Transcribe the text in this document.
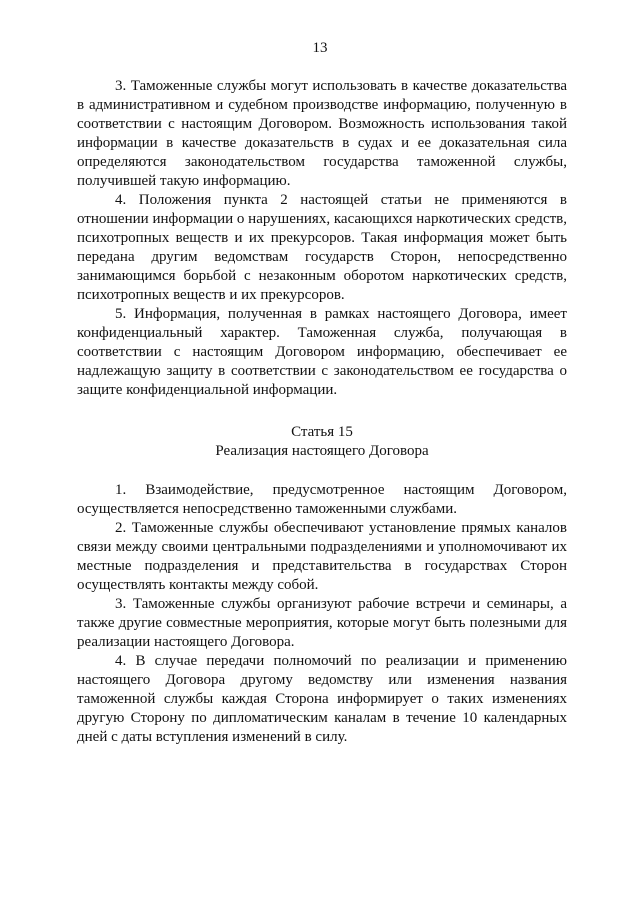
13

3. Таможенные службы могут использовать в качестве доказательства в административном и судебном производстве информацию, полученную в соответствии с настоящим Договором. Возможность использования такой информации в качестве доказательств в судах и ее доказательная сила определяются законодательством государства таможенной службы, получившей такую информацию.

4. Положения пункта 2 настоящей статьи не применяются в отношении информации о нарушениях, касающихся наркотических средств, психотропных веществ и их прекурсоров. Такая информация может быть передана другим ведомствам государств Сторон, непосредственно занимающимся борьбой с незаконным оборотом наркотических средств, психотропных веществ и их прекурсоров.

5. Информация, полученная в рамках настоящего Договора, имеет конфиденциальный характер. Таможенная служба, получающая в соответствии с настоящим Договором информацию, обеспечивает ее надлежащую защиту в соответствии с законодательством ее государства о защите конфиденциальной информации.

Статья 15
Реализация настоящего Договора

1. Взаимодействие, предусмотренное настоящим Договором, осуществляется непосредственно таможенными службами.

2. Таможенные службы обеспечивают установление прямых каналов связи между своими центральными подразделениями и уполномочивают их местные подразделения и представительства в государствах Сторон осуществлять контакты между собой.

3. Таможенные службы организуют рабочие встречи и семинары, а также другие совместные мероприятия, которые могут быть полезными для реализации настоящего Договора.

4. В случае передачи полномочий по реализации и применению настоящего Договора другому ведомству или изменения названия таможенной службы каждая Сторона информирует о таких изменениях другую Сторону по дипломатическим каналам в течение 10 календарных дней с даты вступления изменений в силу.
